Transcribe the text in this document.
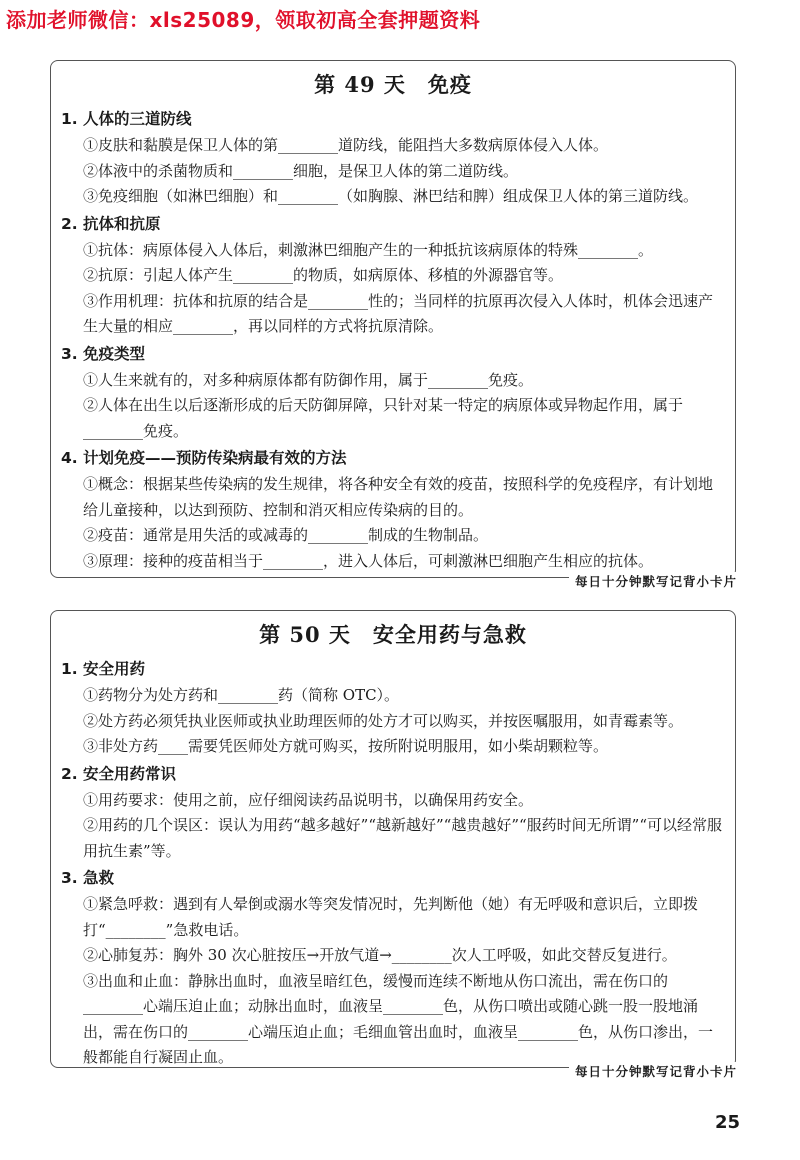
添加老师微信：xls25089，领取初高全套押题资料
第 49 天　免疫
1. 人体的三道防线
①皮肤和黏膜是保卫人体的第________道防线，能阻挡大多数病原体侵入人体。
②体液中的杀菌物质和________细胞，是保卫人体的第二道防线。
③免疫细胞（如淋巴细胞）和________（如胸腺、淋巴结和脾）组成保卫人体的第三道防线。
2. 抗体和抗原
①抗体：病原体侵入人体后，刺激淋巴细胞产生的一种抵抗该病原体的特殊________。
②抗原：引起人体产生________的物质，如病原体、移植的外源器官等。
③作用机理：抗体和抗原的结合是________性的；当同样的抗原再次侵入人体时，机体会迅速产生大量的相应________，再以同样的方式将抗原清除。
3. 免疫类型
①人生来就有的，对多种病原体都有防御作用，属于________免疫。
②人体在出生以后逐渐形成的后天防御屏障，只针对某一特定的病原体或异物起作用，属于________免疫。
4. 计划免疫——预防传染病最有效的方法
①概念：根据某些传染病的发生规律，将各种安全有效的疫苗，按照科学的免疫程序，有计划地给儿童接种，以达到预防、控制和消灭相应传染病的目的。
②疫苗：通常是用失活的或减毒的________制成的生物制品。
③原理：接种的疫苗相当于________，进入人体后，可刺激淋巴细胞产生相应的抗体。
每日十分钟默写记背小卡片
第 50 天　安全用药与急救
1. 安全用药
①药物分为处方药和________药（简称 OTC）。
②处方药必须凭执业医师或执业助理医师的处方才可以购买，并按医嘱服用，如青霉素等。
③非处方药____需要凭医师处方就可购买，按所附说明服用，如小柴胡颗粒等。
2. 安全用药常识
①用药要求：使用之前，应仔细阅读药品说明书，以确保用药安全。
②用药的几个误区：误认为用药“越多越好”“越新越好”“越贵越好”“服药时间无所谓”“可以经常服用抗生素”等。
3. 急救
①紧急呼救：遇到有人晕倒或溺水等突发情况时，先判断他（她）有无呼吸和意识后，立即拨打“________”急救电话。
②心肺复苏：胸外 30 次心脏按压→开放气道→________次人工呼吸，如此交替反复进行。
③出血和止血：静脉出血时，血液呈暗红色，缓慢而连续不断地从伤口流出，需在伤口的________心端压迫止血；动脉出血时，血液呈________色，从伤口喷出或随心跳一股一股地涌出，需在伤口的________心端压迫止血；毛细血管出血时，血液呈________色，从伤口渗出，一般都能自行凝固止血。
每日十分钟默写记背小卡片
25
